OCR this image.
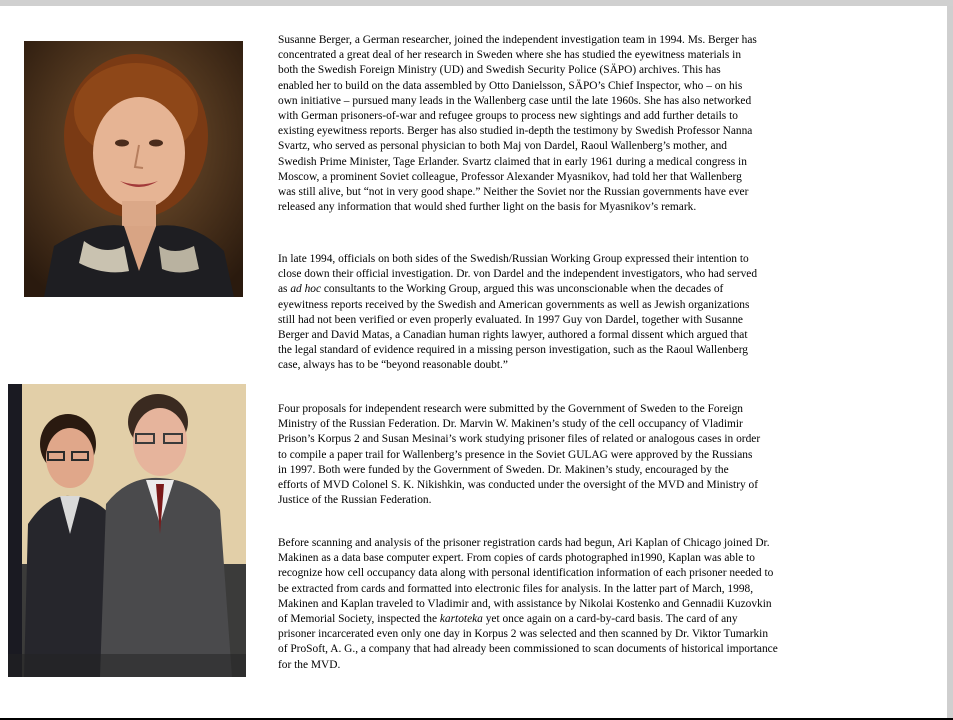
Susanne Berger, a German researcher, joined the independent investigation team in 1994. Ms. Berger has
concentrated a great deal of her research in Sweden where she has studied the eyewitness materials in
both the Swedish Foreign Ministry (UD) and Swedish Security Police (SÄPO) archives. This has
enabled her to build on the data assembled by Otto Danielsson, SÄPO’s Chief Inspector, who – on his
own initiative – pursued many leads in the Wallenberg case until the late 1960s. She has also networked
with German prisoners-of-war and refugee groups to process new sightings and add further details to
existing eyewitness reports. Berger has also studied in-depth the testimony by Swedish Professor Nanna
Svartz, who served as personal physician to both Maj von Dardel, Raoul Wallenberg’s mother, and
Swedish Prime Minister, Tage Erlander. Svartz claimed that in early 1961 during a medical congress in
Moscow, a prominent Soviet colleague, Professor Alexander Myasnikov, had told her that Wallenberg
was still alive, but “not in very good shape.” Neither the Soviet nor the Russian governments have ever
released any information that would shed further light on the basis for Myasnikov’s remark.

In late 1994, officials on both sides of the Swedish/Russian Working Group expressed their intention to
close down their official investigation. Dr. von Dardel and the independent investigators, who had served
as ad hoc consultants to the Working Group, argued this was unconscionable when the decades of
eyewitness reports received by the Swedish and American governments as well as Jewish organizations
still had not been verified or even properly evaluated. In 1997 Guy von Dardel, together with Susanne
Berger and David Matas, a Canadian human rights lawyer, authored a formal dissent which argued that
the legal standard of evidence required in a missing person investigation, such as the Raoul Wallenberg
case, always has to be “beyond reasonable doubt.”

Four proposals for independent research were submitted by the Government of Sweden to the Foreign
Ministry of the Russian Federation. Dr. Marvin W. Makinen’s study of the cell occupancy of Vladimir
Prison’s Korpus 2 and Susan Mesinai’s work studying prisoner files of related or analogous cases in order
to compile a paper trail for Wallenberg’s presence in the Soviet GULAG were approved by the Russians
in 1997. Both were funded by the Government of Sweden. Dr. Makinen’s study, encouraged by the
efforts of MVD Colonel S. K. Nikishkin, was conducted under the oversight of the MVD and Ministry of
Justice of the Russian Federation.

Before scanning and analysis of the prisoner registration cards had begun, Ari Kaplan of Chicago joined Dr.
Makinen as a data base computer expert. From copies of cards photographed in1990, Kaplan was able to
recognize how cell occupancy data along with personal identification information of each prisoner needed to
be extracted from cards and formatted into electronic files for analysis. In the latter part of March, 1998,
Makinen and Kaplan traveled to Vladimir and, with assistance by Nikolai Kostenko and Gennadii Kuzovkin
of Memorial Society, inspected the kartoteka yet once again on a card-by-card basis. The card of any
prisoner incarcerated even only one day in Korpus 2 was selected and then scanned by Dr. Viktor Tumarkin
of ProSoft, A. G., a company that had already been commissioned to scan documents of historical importance
for the MVD.
